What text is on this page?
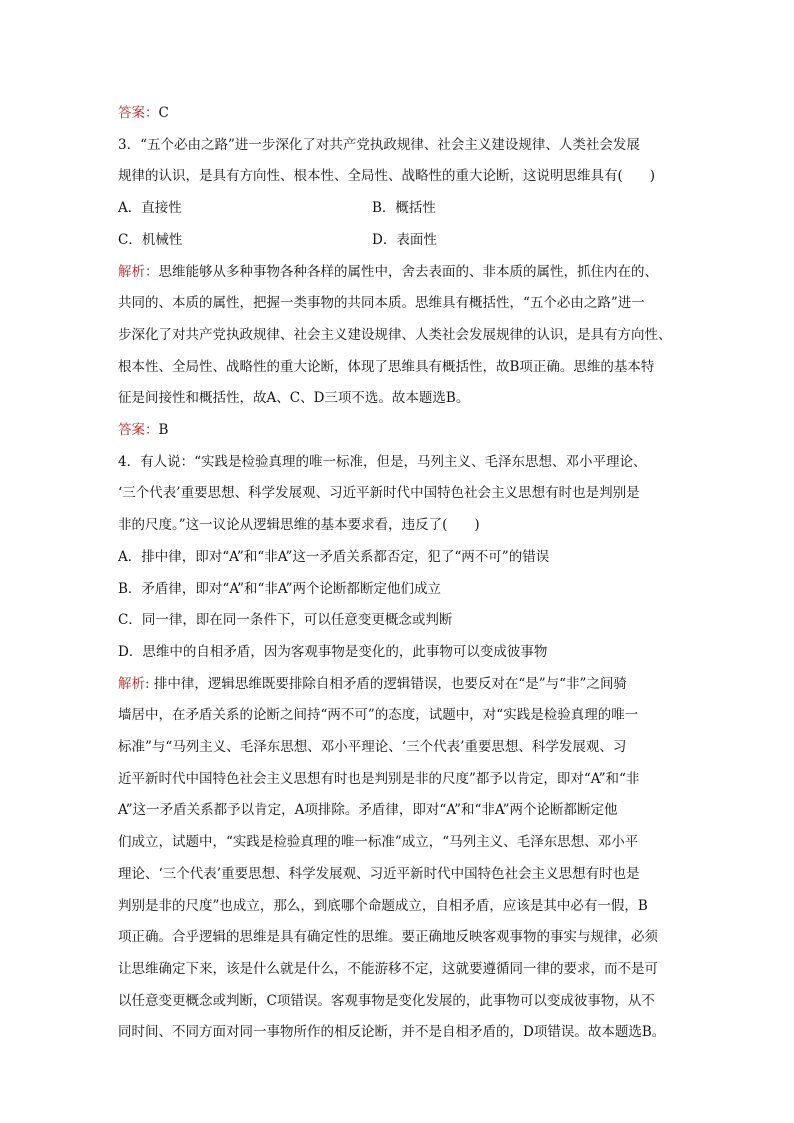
答案：C
3．“五个必由之路”进一步深化了对共产党执政规律、社会主义建设规律、人类社会发展
规律的认识，是具有方向性、根本性、全局性、战略性的重大论断，这说明思维具有(　　)
A．直接性	B．概括性
C．机械性	D．表面性
解析：思维能够从多种事物各种各样的属性中，舍去表面的、非本质的属性，抓住内在的、
共同的、本质的属性，把握一类事物的共同本质。思维具有概括性，“五个必由之路”进一
步深化了对共产党执政规律、社会主义建设规律、人类社会发展规律的认识，是具有方向性、
根本性、全局性、战略性的重大论断，体现了思维具有概括性，故B项正确。思维的基本特
征是间接性和概括性，故A、C、D三项不选。故本题选B。
答案：B
4．有人说：“实践是检验真理的唯一标准，但是，马列主义、毛泽东思想、邓小平理论、
‘三个代表’重要思想、科学发展观、习近平新时代中国特色社会主义思想有时也是判别是
非的尺度。”这一议论从逻辑思维的基本要求看，违反了(　　)
A．排中律，即对“A”和“非A”这一矛盾关系都否定，犯了“两不可”的错误
B．矛盾律，即对“A”和“非A”两个论断都断定他们成立
C．同一律，即在同一条件下，可以任意变更概念或判断
D．思维中的自相矛盾，因为客观事物是变化的，此事物可以变成彼事物
解析: 排中律，逻辑思维既要排除自相矛盾的逻辑错误，也要反对在“是”与“非”之间骑
墙居中，在矛盾关系的论断之间持“两不可”的态度，试题中，对“实践是检验真理的唯一
标准”与“马列主义、毛泽东思想、邓小平理论、‘三个代表’重要思想、科学发展观、习
近平新时代中国特色社会主义思想有时也是判别是非的尺度”都予以肯定，即对“A”和“非
A”这一矛盾关系都予以肯定，A项排除。矛盾律，即对“A”和“非A”两个论断都断定他
们成立，试题中，“实践是检验真理的唯一标准”成立，“马列主义、毛泽东思想、邓小平
理论、‘三个代表’重要思想、科学发展观、习近平新时代中国特色社会主义思想有时也是
判别是非的尺度”也成立，那么，到底哪个命题成立，自相矛盾，应该是其中必有一假，B
项正确。合乎逻辑的思维是具有确定性的思维。要正确地反映客观事物的事实与规律，必须
让思维确定下来，该是什么就是什么，不能游移不定，这就要遵循同一律的要求，而不是可
以任意变更概念或判断，C项错误。客观事物是变化发展的，此事物可以变成彼事物，从不
同时间、不同方面对同一事物所作的相反论断，并不是自相矛盾的，D项错误。故本题选B。
